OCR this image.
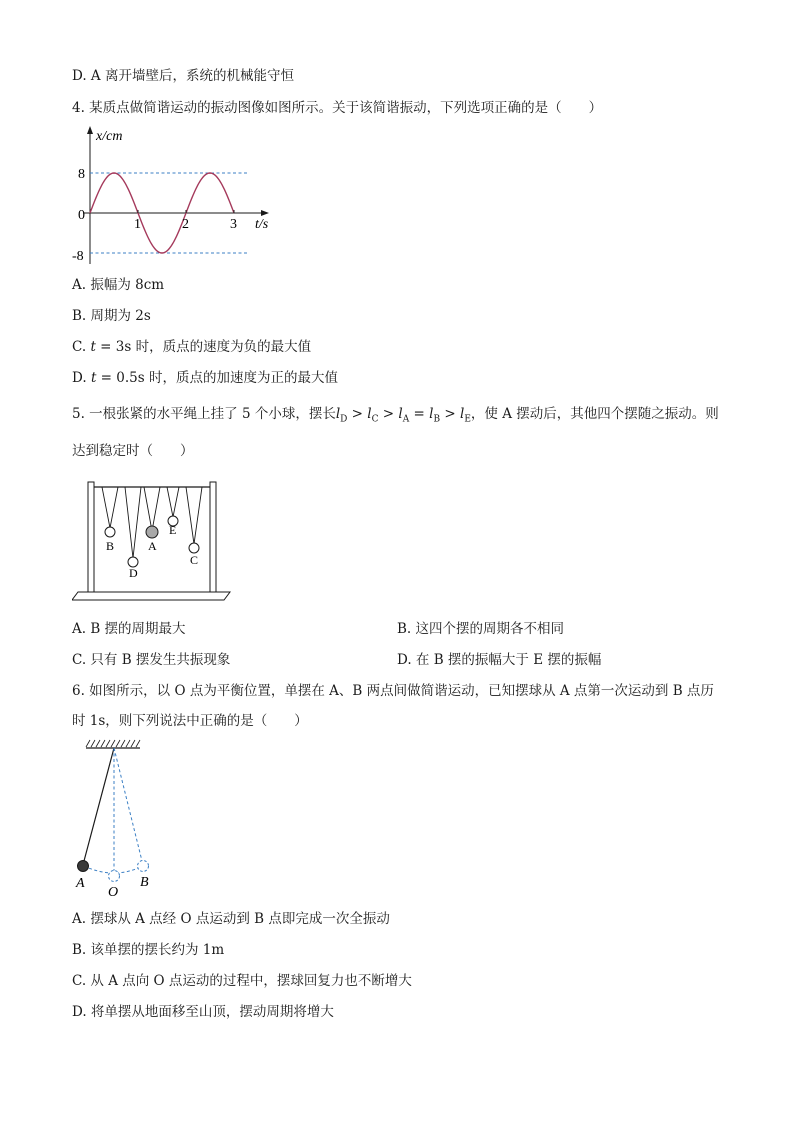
D. A 离开墙壁后，系统的机械能守恒
4. 某质点做简谐运动的振动图像如图所示。关于该简谐振动，下列选项正确的是（　　）
x/cm
t/s
8
0
-8
1	2	3
A. 振幅为 8cm
B. 周期为 2s
C. t = 3s 时，质点的速度为负的最大值
D. t = 0.5s 时，质点的加速度为正的最大值
5. 一根张紧的水平绳上挂了 5 个小球，摆长$l_D > l_C > l_A = l_B > l_E$，使 A 摆动后，其他四个摆随之振动。则
达到稳定时（　　）
B	A
E
D
C
A. B 摆的周期最大	B. 这四个摆的周期各不相同
C. 只有 B 摆发生共振现象	D. 在 B 摆的振幅大于 E 摆的振幅
6. 如图所示，以 O 点为平衡位置，单摆在 A、B 两点间做简谐运动，已知摆球从 A 点第一次运动到 B 点历
时 1s，则下列说法中正确的是（　　）
A
O
B
A. 摆球从 A 点经 O 点运动到 B 点即完成一次全振动
B. 该单摆的摆长约为 1m
C. 从 A 点向 O 点运动的过程中，摆球回复力也不断增大
D. 将单摆从地面移至山顶，摆动周期将增大
